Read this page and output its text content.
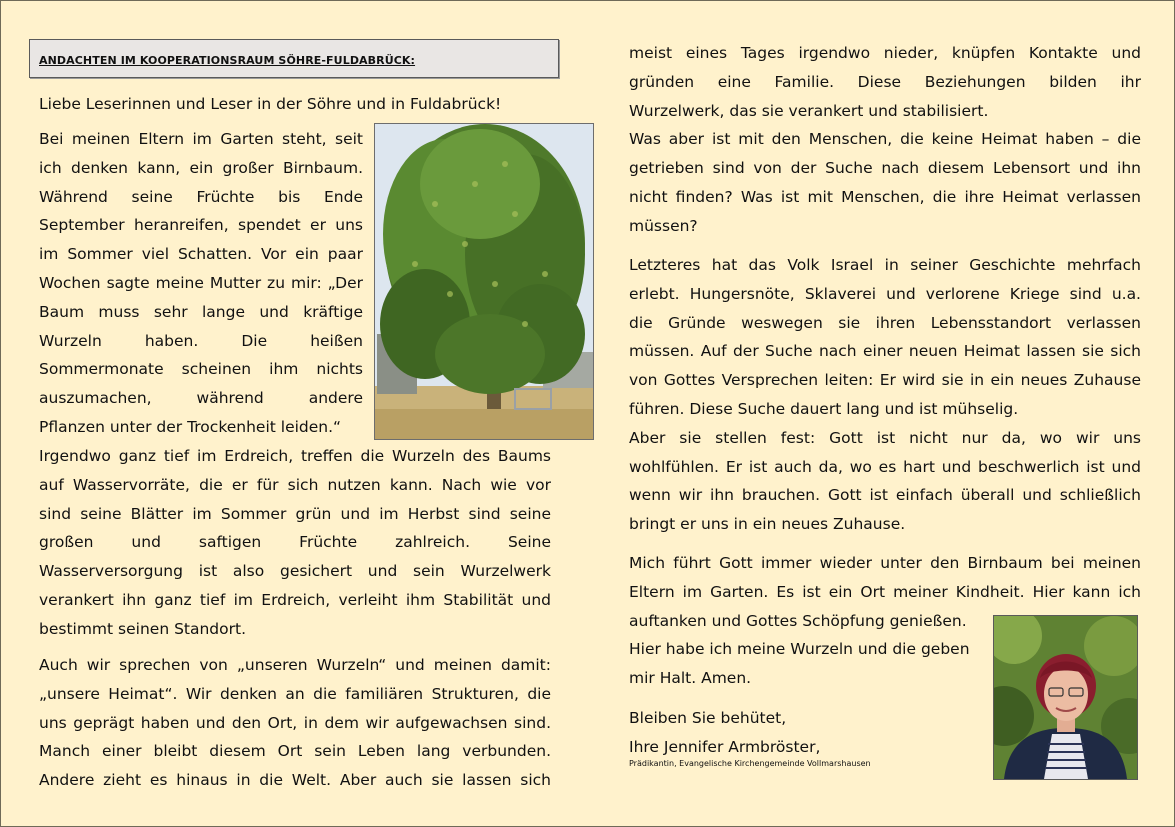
ANDACHTEN IM KOOPERATIONSRAUM SÖHRE-FULDABRÜCK:
Liebe Leserinnen und Leser in der Söhre und in Fuldabrück!
Bei meinen Eltern im Garten steht, seit
ich denken kann, ein großer Birnbaum.
Während seine Früchte bis Ende
September heranreifen, spendet er uns
im Sommer viel Schatten. Vor ein paar
Wochen sagte meine Mutter zu mir: „Der
Baum muss sehr lange und kräftige
Wurzeln haben. Die heißen
Sommermonate scheinen ihm nichts
auszumachen, während andere
Pflanzen unter der Trockenheit leiden.“
Irgendwo ganz tief im Erdreich, treffen die Wurzeln des Baums
auf Wasservorräte, die er für sich nutzen kann. Nach wie vor
sind seine Blätter im Sommer grün und im Herbst sind seine
großen und saftigen Früchte zahlreich. Seine
Wasserversorgung ist also gesichert und sein Wurzelwerk
verankert ihn ganz tief im Erdreich, verleiht ihm Stabilität und
bestimmt seinen Standort.
Auch wir sprechen von „unseren Wurzeln“ und meinen damit:
„unsere Heimat“. Wir denken an die familiären Strukturen, die
uns geprägt haben und den Ort, in dem wir aufgewachsen sind.
Manch einer bleibt diesem Ort sein Leben lang verbunden.
Andere zieht es hinaus in die Welt. Aber auch sie lassen sich
meist eines Tages irgendwo nieder, knüpfen Kontakte und
gründen eine Familie. Diese Beziehungen bilden ihr
Wurzelwerk, das sie verankert und stabilisiert.
Was aber ist mit den Menschen, die keine Heimat haben – die
getrieben sind von der Suche nach diesem Lebensort und ihn
nicht finden? Was ist mit Menschen, die ihre Heimat verlassen
müssen?
Letzteres hat das Volk Israel in seiner Geschichte mehrfach
erlebt. Hungersnöte, Sklaverei und verlorene Kriege sind u.a.
die Gründe weswegen sie ihren Lebensstandort verlassen
müssen. Auf der Suche nach einer neuen Heimat lassen sie sich
von Gottes Versprechen leiten: Er wird sie in ein neues Zuhause
führen. Diese Suche dauert lang und ist mühselig.
Aber sie stellen fest: Gott ist nicht nur da, wo wir uns
wohlfühlen. Er ist auch da, wo es hart und beschwerlich ist und
wenn wir ihn brauchen. Gott ist einfach überall und schließlich
bringt er uns in ein neues Zuhause.
Mich führt Gott immer wieder unter den Birnbaum bei meinen
Eltern im Garten. Es ist ein Ort meiner Kindheit. Hier kann ich
auftanken und Gottes Schöpfung genießen.
Hier habe ich meine Wurzeln und die geben
mir Halt. Amen.
Bleiben Sie behütet,
Ihre Jennifer Armbröster,
Prädikantin, Evangelische Kirchengemeinde Vollmarshausen
